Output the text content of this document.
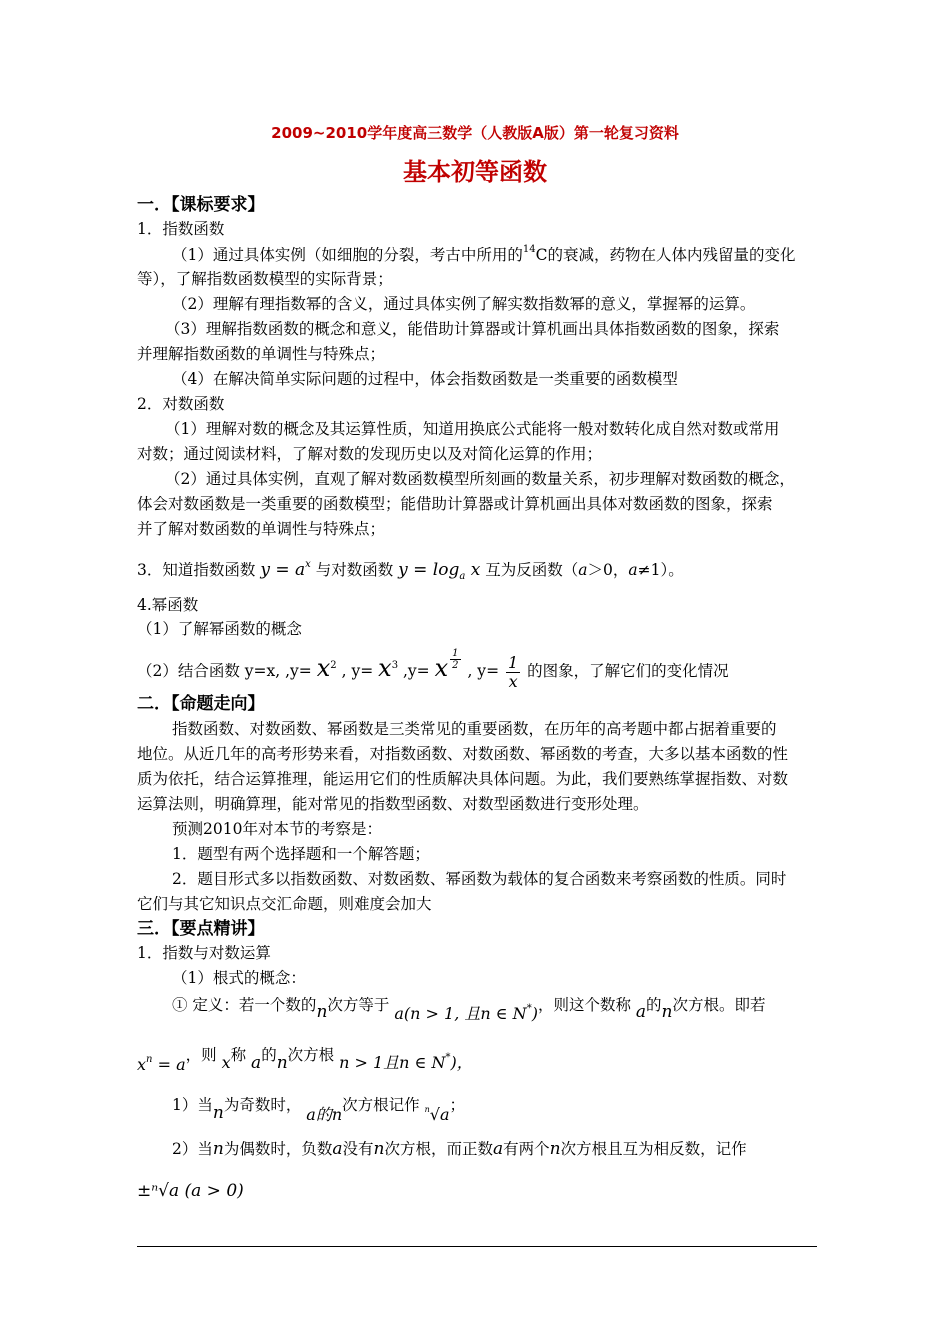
2009~2010学年度高三数学（人教版A版）第一轮复习资料
基本初等函数
一．【课标要求】
1．指数函数
（1）通过具体实例（如细胞的分裂，考古中所用的$^{14}$C的衰减，药物在人体内残留量的变化
等），了解指数函数模型的实际背景；
（2）理解有理指数幂的含义，通过具体实例了解实数指数幂的意义，掌握幂的运算。
（3）理解指数函数的概念和意义，能借助计算器或计算机画出具体指数函数的图象，探索
并理解指数函数的单调性与特殊点；
（4）在解决简单实际问题的过程中，体会指数函数是一类重要的函数模型
2．对数函数
（1）理解对数的概念及其运算性质，知道用换底公式能将一般对数转化成自然对数或常用
对数；通过阅读材料，了解对数的发现历史以及对简化运算的作用；
（2）通过具体实例，直观了解对数函数模型所刻画的数量关系，初步理解对数函数的概念，
体会对数函数是一类重要的函数模型；能借助计算器或计算机画出具体对数函数的图象，探索
并了解对数函数的单调性与特殊点；
3．知道指数函数 $y = a^x$ 与对数函数 $y = \log_a x$ 互为反函数（a＞0，a≠1）。
4.幂函数
（1）了解幂函数的概念
（2）结合函数 y=x, $,y= x^2$ , $y= x^3$ ,y= x $\frac{1}{2}$ , $y= \frac{1}{x}$ 的图象，了解它们的变化情况
二．【命题走向】
指数函数、对数函数、幂函数是三类常见的重要函数，在历年的高考题中都占据着重要的
地位。从近几年的高考形势来看，对指数函数、对数函数、幂函数的考查，大多以基本函数的性
质为依托，结合运算推理，能运用它们的性质解决具体问题。为此，我们要熟练掌握指数、对数
运算法则，明确算理，能对常见的指数型函数、对数型函数进行变形处理。
预测2010年对本节的考察是：
1．题型有两个选择题和一个解答题；
2．题目形式多以指数函数、对数函数、幂函数为载体的复合函数来考察函数的性质。同时
它们与其它知识点交汇命题，则难度会加大
三．【要点精讲】
1．指数与对数运算
（1）根式的概念：
① 定义：若一个数的n次方等于 a(n > 1, 且n ∈ N*)，则这个数称 a的n次方根。即若
$x^n = a$，则 x称 a的n次方根 n > 1且n ∈ N*)，
1）当n为奇数时， a的n次方根记作 $^n$√a；
2）当n为偶数时，负数a没有n次方根，而正数a有两个n次方根且互为相反数，记作
±ⁿ√a (a > 0)
